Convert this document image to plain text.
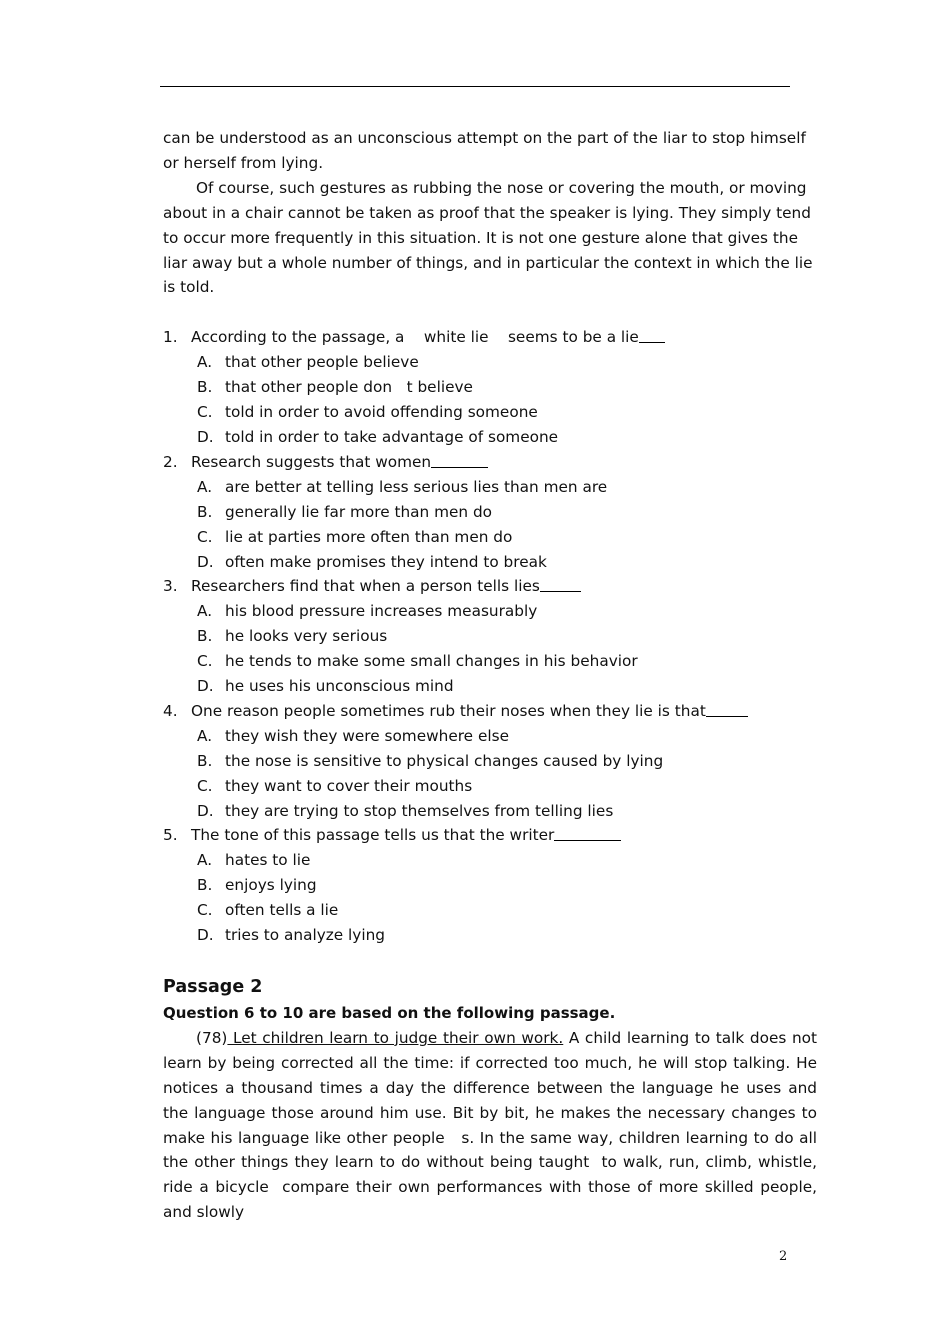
can be understood as an unconscious attempt on the part of the liar to stop himself or herself from lying.

Of course, such gestures as rubbing the nose or covering the mouth, or moving about in a chair cannot be taken as proof that the speaker is lying. They simply tend to occur more frequently in this situation. It is not one gesture alone that gives the liar away but a whole number of things, and in particular the context in which the lie is told.

1. According to the passage, a    white lie    seems to be a lie
A. that other people believe
B. that other people don   t believe
C. told in order to avoid offending someone
D. told in order to take advantage of someone
2. Research suggests that women
A. are better at telling less serious lies than men are
B. generally lie far more than men do
C. lie at parties more often than men do
D. often make promises they intend to break
3. Researchers find that when a person tells lies
A. his blood pressure increases measurably
B. he looks very serious
C. he tends to make some small changes in his behavior
D. he uses his unconscious mind
4. One reason people sometimes rub their noses when they lie is that
A. they wish they were somewhere else
B. the nose is sensitive to physical changes caused by lying
C. they want to cover their mouths
D. they are trying to stop themselves from telling lies
5. The tone of this passage tells us that the writer
A. hates to lie
B. enjoys lying
C. often tells a lie
D. tries to analyze lying
Passage 2
Question 6 to 10 are based on the following passage.

(78) Let children learn to judge their own work. A child learning to talk does not learn by being corrected all the time: if corrected too much, he will stop talking. He notices a thousand times a day the difference between the language he uses and the language those around him use. Bit by bit, he makes the necessary changes to make his language like other people   s. In the same way, children learning to do all the other things they learn to do without being taught  to walk, run, climb, whistle, ride a bicycle  compare their own performances with those of more skilled people, and slowly

2
